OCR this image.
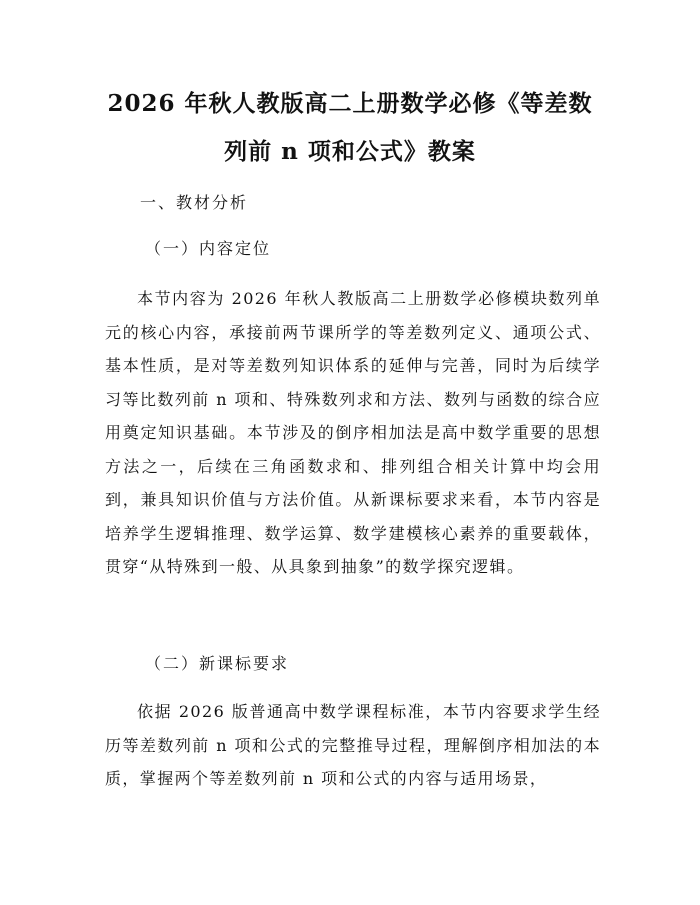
2026 年秋人教版高二上册数学必修《等差数
列前 n 项和公式》教案

一、教材分析

（一）内容定位

本节内容为 2026 年秋人教版高二上册数学必修模块数列单元的核心内容，承接前两节课所学的等差数列定义、通项公式、基本性质，是对等差数列知识体系的延伸与完善，同时为后续学习等比数列前 n 项和、特殊数列求和方法、数列与函数的综合应用奠定知识基础。本节涉及的倒序相加法是高中数学重要的思想方法之一，后续在三角函数求和、排列组合相关计算中均会用到，兼具知识价值与方法价值。从新课标要求来看，本节内容是培养学生逻辑推理、数学运算、数学建模核心素养的重要载体，贯穿“从特殊到一般、从具象到抽象”的数学探究逻辑。

（二）新课标要求

依据 2026 版普通高中数学课程标准，本节内容要求学生经历等差数列前 n 项和公式的完整推导过程，理解倒序相加法的本质，掌握两个等差数列前 n 项和公式的内容与适用场景，
